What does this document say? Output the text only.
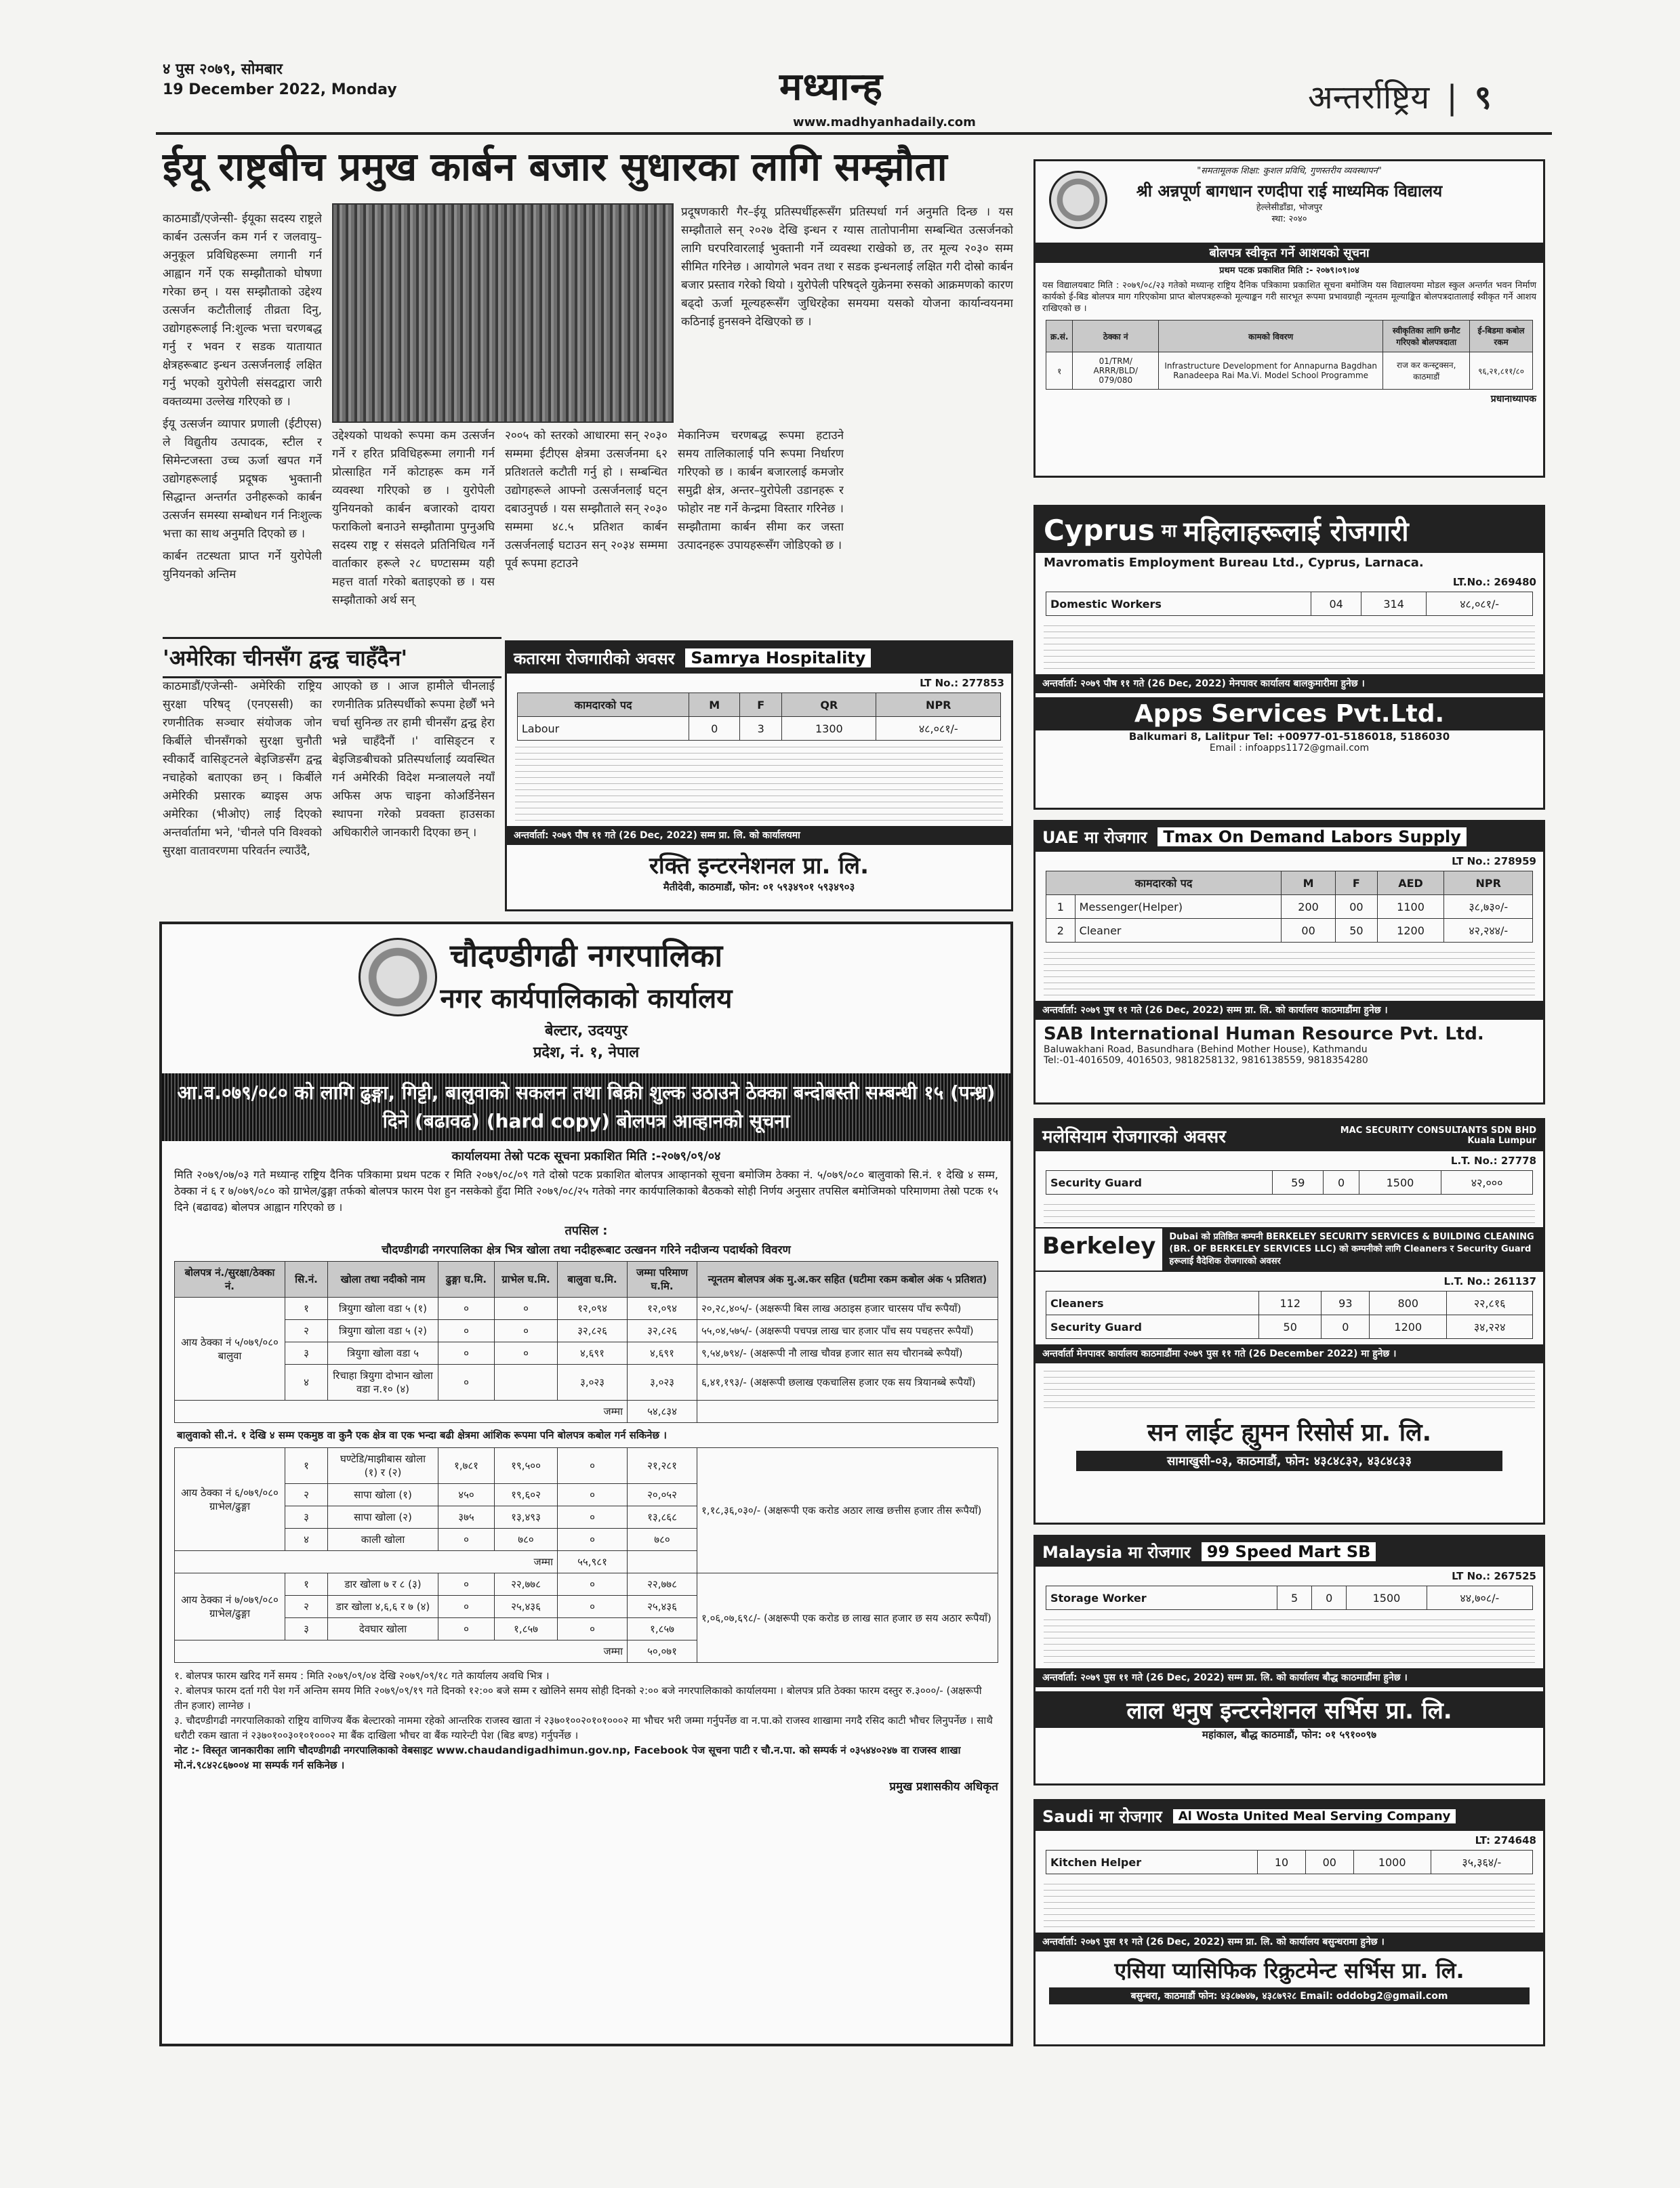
४ पुस २०७९, सोमबार
19 December 2022, Monday	मध्यान्ह
www.madhyanhadaily.com
अन्तर्राष्ट्रिय | ९
ईयू राष्ट्रबीच प्रमुख कार्बन बजार सुधारका लागि सम्झौता
काठमाडौं/एजेन्सी- ईयूका सदस्य राष्ट्रले कार्बन उत्सर्जन कम गर्न र जलवायु–अनुकूल प्रविधिहरूमा लगानी गर्न आह्वान गर्ने एक सम्झौताको घोषणा गरेका छन् । यस सम्झौताको उद्देश्य उत्सर्जन कटौतीलाई तीव्रता दिनु, उद्योगहरूलाई नि:शुल्क भत्ता चरणबद्ध गर्नु र भवन र सडक यातायात क्षेत्रहरूबाट इन्धन उत्सर्जनलाई लक्षित गर्नु भएको युरोपेली संसदद्वारा जारी वक्तव्यमा उल्लेख गरिएको छ ।
ईयू उत्सर्जन व्यापार प्रणाली (ईटीएस) ले विद्युतीय उत्पादक, स्टील र सिमेन्टजस्ता उच्च ऊर्जा खपत गर्ने उद्योगहरूलाई प्रदूषक भुक्तानी सिद्धान्त अन्तर्गत उनीहरूको कार्बन उत्सर्जन समस्या सम्बोधन गर्न निःशुल्क भत्ता का साथ अनुमति दिएको छ ।
कार्बन तटस्थता प्राप्त गर्ने युरोपेली युनियनको अन्तिम
उद्देश्यको पाथको रूपमा कम उत्सर्जन गर्ने र हरित प्रविधिहरूमा लगानी गर्न प्रोत्साहित गर्ने कोटाहरू कम गर्ने व्यवस्था गरिएको छ । युरोपेली युनियनको कार्बन बजारको दायरा फराकिलो बनाउने सम्झौतामा पुग्नुअघि सदस्य राष्ट्र र संसदले प्रतिनिधित्व गर्ने वार्ताकार हरूले २८ घण्टासम्म यही महत्त वार्ता गरेको बताइएको छ । यस सम्झौताको अर्थ सन्
२००५ को स्तरको आधारमा सन् २०३० सम्ममा ईटीएस क्षेत्रमा उत्सर्जनमा ६२ प्रतिशतले कटौती गर्नु हो । सम्बन्धित उद्योगहरूले आफ्नो उत्सर्जनलाई घट्न दबाउनुपर्छ । यस सम्झौताले सन् २०३० सम्ममा ४८.५ प्रतिशत कार्बन उत्सर्जनलाई घटाउन सन् २०३४ सम्ममा पूर्व रूपमा हटाउने
मेकानिज्म चरणबद्ध रूपमा हटाउने समय तालिकालाई पनि रूपमा निर्धारण गरिएको छ । कार्बन बजारलाई कमजोर समुद्री क्षेत्र, अन्तर–युरोपेली उडानहरू र फोहोर नष्ट गर्ने केन्द्रमा विस्तार गरिनेछ । सम्झौतामा कार्बन सीमा कर जस्ता उत्पादनहरू उपायहरूसँग जोडिएको छ ।
प्रदूषणकारी गैर–ईयू प्रतिस्पर्धीहरूसँग प्रतिस्पर्धा गर्न अनुमति दिन्छ । यस सम्झौताले सन् २०२७ देखि इन्धन र ग्यास तातोपानीमा सम्बन्धित उत्सर्जनको लागि घरपरिवारलाई भुक्तानी गर्ने व्यवस्था राखेको छ, तर मूल्य २०३० सम्म सीमित गरिनेछ । आयोगले भवन तथा र सडक इन्धनलाई लक्षित गरी दोस्रो कार्बन बजार प्रस्ताव गरेको थियो । युरोपेली परिषद्ले युक्रेनमा रुसको आक्रमणको कारण बढ्दो ऊर्जा मूल्यहरूसँग जुधिरहेका समयमा यसको योजना कार्यान्वयनमा कठिनाई हुनसक्ने देखिएको छ ।
'अमेरिका चीनसँग द्वन्द्व चाहँदैन'
काठमाडौं/एजेन्सी- अमेरिकी राष्ट्रिय सुरक्षा परिषद् (एनएससी) का रणनीतिक सञ्चार संयोजक जोन किर्बीले चीनसँगको सुरक्षा चुनौती स्वीकार्दै वासिङ्टनले बेइजिङसँग द्वन्द्व नचाहेको बताएका छन् । किर्बीले अमेरिकी प्रसारक ब्याइस अफ अमेरिका (भीओए) लाई दिएको अन्तर्वार्तामा भने, 'चीनले पनि विश्वको सुरक्षा वातावरणमा परिवर्तन ल्याउँदै,
आएको छ । आज हामीले चीनलाई रणनीतिक प्रतिस्पर्धीको रूपमा हेर्छौं भने चर्चा सुनिन्छ तर हामी चीनसँग द्वन्द्व हेरा भन्ने चाहँदैनौं ।' वासिङ्टन र बेइजिङबीचको प्रतिस्पर्धालाई व्यवस्थित गर्न अमेरिकी विदेश मन्त्रालयले नयाँ अफिस अफ चाइना कोअर्डिनेसन स्थापना गरेको प्रवक्ता हाउसका अधिकारीले जानकारी दिएका छन् ।
कतारमा रोजगारीको अवसर	Samrya Hospitality
LT No.: 277853
कामदारको पद	M	F	QR	NPR
Labour	0	3	1300	४८,०८१/-
अन्तर्वार्ता: २०७९ पौष ११ गते (26 Dec, 2022) सम्म प्रा. लि. को कार्यालयमा
रक्ति इन्टरनेशनल प्रा. लि.
मैतीदेवी, काठमाडौं, फोन: ०१ ५९३४९०१ ५९३४९०३
चौदण्डीगढी नगरपालिका
नगर कार्यपालिकाको कार्यालय
बेल्टार, उदयपुर
प्रदेश, नं. १, नेपाल
आ.व.०७९/०८० को लागि ढुङ्गा, गिट्टी, बालुवाको सकलन तथा बिक्री शुल्क उठाउने ठेक्का बन्दोबस्ती सम्बन्धी १५ (पन्ध्र) दिने (बढावढ) (hard copy) बोलपत्र आव्हानको सूचना
कार्यालयमा तेस्रो पटक सूचना प्रकाशित मिति :-२०७९/०९/०४
मिति २०७९/०७/०३ गते मध्यान्ह राष्ट्रिय दैनिक पत्रिकामा प्रथम पटक र मिति २०७९/०८/०९ गते दोस्रो पटक प्रकाशित बोलपत्र आव्हानको सूचना बमोजिम ठेक्का नं. ५/०७९/०८० बालुवाको सि.नं. १ देखि ४ सम्म, ठेक्का नं ६ र ७/०७९/०८० को ग्राभेल/ढुङ्गा तर्फको बोलपत्र फारम पेश हुन नसकेको हुँदा मिति २०७९/०८/२५ गतेको नगर कार्यपालिकाको बैठकको सोही निर्णय अनुसार तपसिल बमोजिमको परिमाणमा तेस्रो पटक १५ दिने (बढावढ) बोलपत्र आह्वान गरिएको छ ।
तपसिल :
चौदण्डीगढी नगरपालिका क्षेत्र भित्र खोला तथा नदीहरूबाट उत्खनन गरिने नदीजन्य पदार्थको विवरण
बोलपत्र नं./सुरक्षा/ठेक्का नं.	सि.नं.	खोला तथा नदीको नाम	ढुङ्गा घ.मि.	ग्राभेल घ.मि.	बालुवा घ.मि.	जम्मा परिमाण घ.मि.	न्यूनतम बोलपत्र अंक मु.अ.कर सहित (घटीमा रकम कबोल अंक ५ प्रतिशत)
आय ठेक्का नं ५/०७९/०८० बालुवा	१	त्रियुगा खोला वडा ५ (१)	०	०	१२,०९४	१२,०९४	२०,२८,४०५/- (अक्षरूपी बिस लाख अठाइस हजार चारसय पाँच रूपैयाँ)
	२	त्रियुगा खोला वडा ५ (२)	०	०	३२,८२६	३२,८२६	५५,०४,५७५/- (अक्षरूपी पचपन्न लाख चार हजार पाँच सय पचहत्तर रूपैयाँ)
	३	त्रियुगा खोला वडा ५	०	०	४,६९१	४,६९१	९,५४,७९४/- (अक्षरूपी नौ लाख चौवन्न हजार सात सय चौरानब्बे रूपैयाँ)
	४	रिचाहा त्रियुगा दोभान खोला वडा न.१० (४)	०		३,०२३	३,०२३	६,४१,१९३/- (अक्षरूपी छलाख एकचालिस हजार एक सय त्रियानब्बे रूपैयाँ)
जम्मा						५४,८३४	
बालुवाको सी.नं. १ देखि ४ सम्म एकमुष्ठ वा कुनै एक क्षेत्र वा एक भन्दा बढी क्षेत्रमा आंशिक रूपमा पनि बोलपत्र कबोल गर्न सकिनेछ ।
आय ठेक्का नं ६/०७९/०८० ग्राभेल/ढुङ्गा	१	घण्टेडि/माझीबास खोला (१) र (२)	१,७८१	१९,५००	०	२१,२८१	१,१८,३६,०३०/- (अक्षरूपी एक करोड अठार लाख छत्तीस हजार तीस रूपैयाँ)
	२	सापा खोला (१)	४५०	१९,६०२	०	२०,०५२	
	३	सापा खोला (२)	३७५	१३,४९३	०	१३,८६८	
	४	काली खोला	०	७८०	०	७८०	
जम्मा					५५,९८१		
आय ठेक्का नं ७/०७९/०८० ग्राभेल/ढुङ्गा	१	डार खोला ७ र ८ (३)	०	२२,७७८	०	२२,७७८	१,०६,०७,६९८/- (अक्षरूपी एक करोड छ लाख सात हजार छ सय अठार रूपैयाँ)
	२	डार खोला ४,६,६ र ७ (४)	०	२५,४३६	०	२५,४३६	
	३	देवघार खोला	०	१,८५७	०	१,८५७	
जम्मा						५०,०७१	
१. बोलपत्र फारम खरिद गर्ने समय : मिति २०७९/०९/०४ देखि २०७९/०९/१८ गते कार्यालय अवधि भित्र ।
२. बोलपत्र फारम दर्ता गरी पेश गर्ने अन्तिम समय मिति २०७९/०९/१९ गते दिनको १२:०० बजे सम्म र खोलिने समय सोही दिनको २:०० बजे नगरपालिकाको कार्यालयमा । बोलपत्र प्रति ठेक्का फारम दस्तुर रु.३०००/- (अक्षरूपी तीन हजार) लाग्नेछ ।
३. चौदण्डीगढी नगरपालिकाको राष्ट्रिय वाणिज्य बैंक बेल्टारको नाममा रहेको आन्तरिक राजस्व खाता नं २३७०१००२०१०१०००२ मा भौचर भरी जम्मा गर्नुपर्नेछ वा न.पा.को राजस्व शाखामा नगदै रसिद काटी भौचर लिनुपर्नेछ । साथै धरौटी रकम खाता नं २३७०१००३०१०१०००२ मा बैंक दाखिला भौचर वा बैंक ग्यारेन्टी पेश (बिड बण्ड) गर्नुपर्नेछ ।
नोट :- विस्तृत जानकारीका लागि चौदण्डीगढी नगरपालिकाको वेबसाइट www.chaudandigadhimun.gov.np, Facebook पेज सूचना पाटी र चौ.न.पा. को सम्पर्क नं ०३५४४०२४७ वा राजस्व शाखा मो.नं.९८४२८६७००४ मा सम्पर्क गर्न सकिनेछ ।
प्रमुख प्रशासकीय अधिकृत
"समतामूलक शिक्षा: कुशल प्रविधि, गुणस्तरीय व्यवस्थापन"
श्री अन्नपूर्ण बागधान रणदीपा राई माध्यमिक विद्यालय
हेल्लेसीडाँडा, भोजपुर
स्था: २०४०
बोलपत्र स्वीकृत गर्ने आशयको सूचना
प्रथम पटक प्रकाशित मिति :- २०७९।०९।०४
यस विद्यालयबाट मिति : २०७९/०८/२३ गतेको मध्यान्ह राष्ट्रिय दैनिक पत्रिकामा प्रकाशित सूचना बमोजिम यस विद्यालयमा मोडल स्कुल अन्तर्गत भवन निर्माण कार्यको ई-बिड बोलपत्र माग गरिएकोमा प्राप्त बोलपत्रहरूको मूल्याङ्कन गरी सारभूत रूपमा प्रभावग्राही न्यूनतम मूल्याङ्कित बोलपत्रदातालाई स्वीकृत गर्ने आशय राखिएको छ ।
क्र.सं.	ठेक्का नं	कामको विवरण	स्वीकृतिका लागि छनौट गरिएको बोलपत्रदाता	ई-बिडमा कबोल रकम
१	01/TRM/ ARRR/BLD/ 079/080	Infrastructure Development for Annapurna Bagdhan Ranadeepa Rai Ma.Vi. Model School Programme	राज कर कन्स्ट्रक्सन, काठमाडौं	९६,२१,८११/८०
प्रधानाध्यापक
Cyprus मा महिलाहरूलाई रोजगारी
Mavromatis Employment Bureau Ltd., Cyprus, Larnaca.
LT.No.: 269480
Domestic Workers	04	314	४८,०८१/-
अन्तर्वार्ता: २०७९ पौष ११ गते (26 Dec, 2022) मेनपावर कार्यालय बालकुमारीमा हुनेछ ।
Apps Services Pvt.Ltd.
Balkumari 8, Lalitpur Tel: +00977-01-5186018, 5186030
Email : infoapps1172@gmail.com
UAE मा रोजगार	Tmax On Demand Labors Supply
LT No.: 278959
कामदारको पद		M	F	AED	NPR
1	Messenger(Helper)	200	00	1100	३८,७३०/-
2	Cleaner	00	50	1200	४२,२४४/-
अन्तर्वार्ता: २०७९ पुष ११ गते (26 Dec, 2022) सम्म प्रा. लि. को कार्यालय काठमाडौंमा हुनेछ ।
SAB International Human Resource Pvt. Ltd.
Baluwakhani Road, Basundhara (Behind Mother House), Kathmandu
Tel:-01-4016509, 4016503, 9818258132, 9816138559, 9818354280
मलेसियाम रोजगारको अवसर	MAC SECURITY CONSULTANTS SDN BHD
Kuala Lumpur
L.T. No.: 27778
Security Guard	59	0	1500	४२,०००
Berkeley	Dubai को प्रतिष्ठित कम्पनी BERKELEY SECURITY SERVICES & BUILDING CLEANING (BR. OF BERKELEY SERVICES LLC) को कम्पनीको लागि Cleaners र Security Guard हरूलाई वैदेशिक रोजगारको अवसर
L.T. No.: 261137
Cleaners	112	93	800	२२,८१६
Security Guard	50	0	1200	३४,२२४
अन्तर्वार्ता मेनपावर कार्यालय काठमाडौंमा २०७९ पुस ११ गते (26 December 2022) मा हुनेछ ।
सन लाईट ह्युमन रिसोर्स प्रा. लि.
सामाखुसी-०३, काठमाडौं, फोन: ४३८४८३२, ४३८४८३३
Malaysia मा रोजगार	99 Speed Mart SB
LT No.: 267525
Storage Worker	5	0	1500	४४,७०८/-
अन्तर्वार्ता: २०७९ पुस ११ गते (26 Dec, 2022) सम्म प्रा. लि. को कार्यालय बौद्ध काठमाडौंमा हुनेछ ।
लाल धनुष इन्टरनेशनल सर्भिस प्रा. लि.
महांकाल, बौद्ध काठमाडौं, फोन: ०१ ५९१००९७
Saudi मा रोजगार	Al Wosta United Meal Serving Company
LT: 274648
Kitchen Helper	10	00	1000	३५,३६४/-
अन्तर्वार्ता: २०७९ पुस ११ गते (26 Dec, 2022) सम्म प्रा. लि. को कार्यालय बसुन्धरामा हुनेछ ।
एसिया प्यासिफिक रिक्रुटमेन्ट सर्भिस प्रा. लि.
बसुन्धरा, काठमाडौं फोन: ४३८७७४७, ४३८७९२८ Email: oddobg2@gmail.com
